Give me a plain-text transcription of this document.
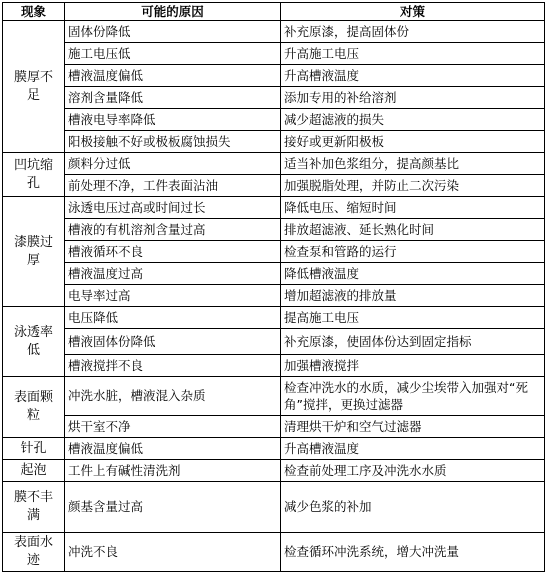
现象	可能的原因	对策
膜厚不足	固体份降低	补充原漆，提高固体份
	施工电压低	升高施工电压
	槽液温度偏低	升高槽液温度
	溶剂含量降低	添加专用的补给溶剂
	槽液电导率降低	减少超滤液的损失
	阳极接触不好或极板腐蚀损失	接好或更新阳极板
凹坑缩孔	颜料分过低	适当补加色浆组分，提高颜基比
	前处理不净，工件表面沾油	加强脱脂处理，并防止二次污染
漆膜过厚	泳透电压过高或时间过长	降低电压、缩短时间
	槽液的有机溶剂含量过高	排放超滤液、延长熟化时间
	槽液循环不良	检查泵和管路的运行
	槽液温度过高	降低槽液温度
	电导率过高	增加超滤液的排放量
泳透率低	电压降低	提高施工电压
	槽液固体份降低	补充原漆，使固体份达到固定指标
	槽液搅拌不良	加强槽液搅拌
表面颗粒	冲洗水脏，槽液混入杂质	检查冲洗水的水质，减少尘埃带入加强对“死角”搅拌，更换过滤器
	烘干室不净	清理烘干炉和空气过滤器
针孔	槽液温度偏低	升高槽液温度
起泡	工件上有碱性清洗剂	检查前处理工序及冲洗水水质
膜不丰满	颜基含量过高	减少色浆的补加
表面水迹	冲洗不良	检查循环冲洗系统，增大冲洗量
